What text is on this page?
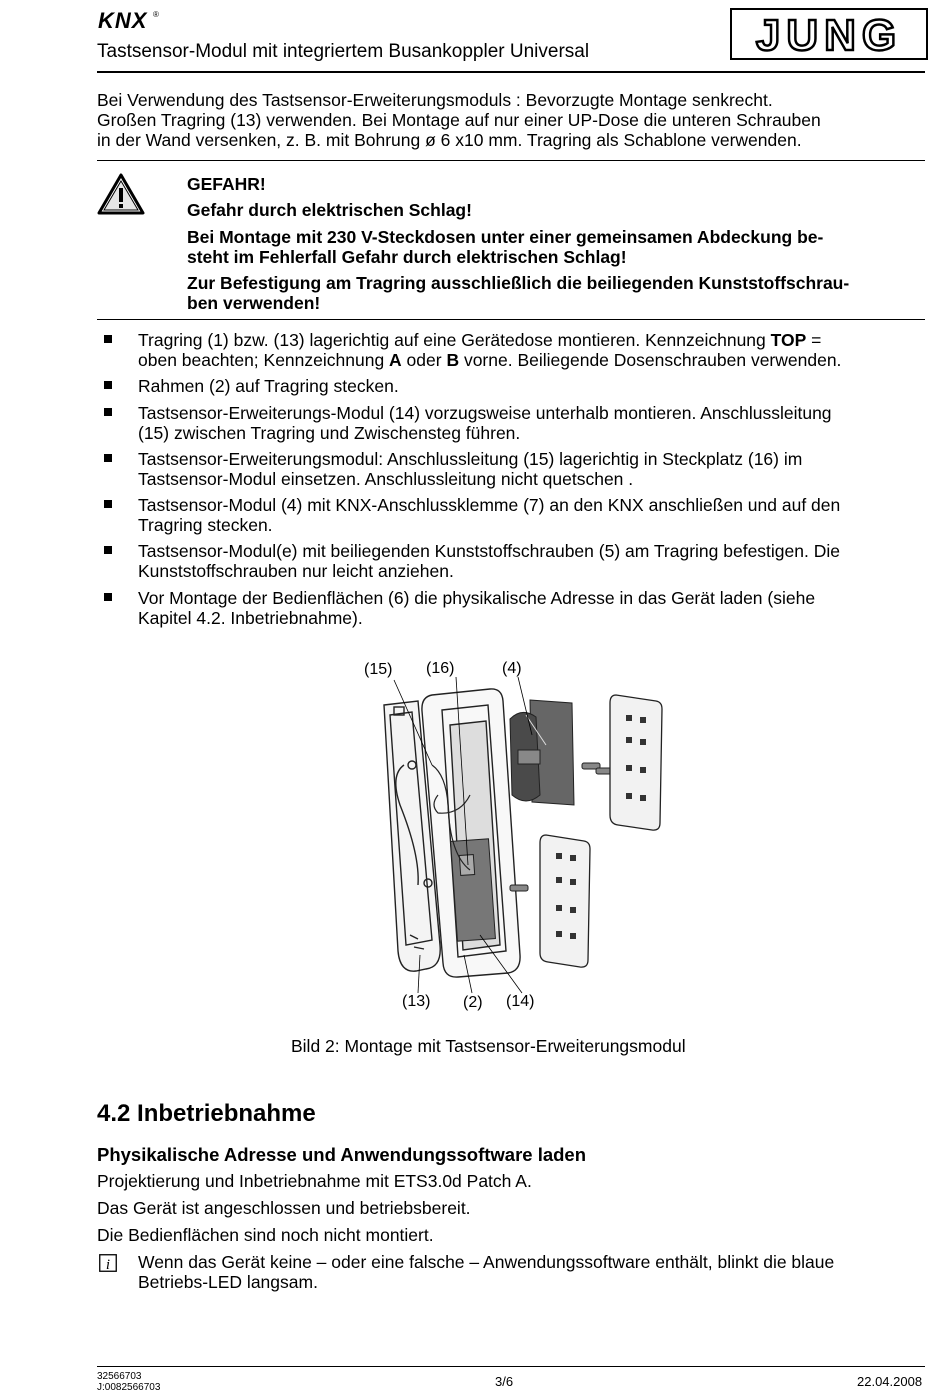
KNX ®
Tastsensor-Modul mit integriertem Busankoppler Universal	JUNG
Bei Verwendung des Tastsensor-Erweiterungsmoduls : Bevorzugte Montage senkrecht.
Großen Tragring (13) verwenden. Bei Montage auf nur einer UP-Dose die unteren Schrauben
in der Wand versenken, z. B. mit Bohrung ø 6 x10 mm. Tragring als Schablone verwenden.
GEFAHR!
Gefahr durch elektrischen Schlag!
Bei Montage mit 230 V-Steckdosen unter einer gemeinsamen Abdeckung be-
steht im Fehlerfall Gefahr durch elektrischen Schlag!
Zur Befestigung am Tragring ausschließlich die beiliegenden Kunststoffschrau-
ben verwenden!
Tragring (1) bzw. (13) lagerichtig auf eine Gerätedose montieren. Kennzeichnung TOP =
oben beachten; Kennzeichnung A oder B vorne. Beiliegende Dosenschrauben verwenden.
Rahmen (2) auf Tragring stecken.
Tastsensor-Erweiterungs-Modul (14) vorzugsweise unterhalb montieren. Anschlussleitung
(15) zwischen Tragring und Zwischensteg führen.
Tastsensor-Erweiterungsmodul: Anschlussleitung (15) lagerichtig in Steckplatz (16) im
Tastsensor-Modul einsetzen. Anschlussleitung nicht quetschen .
Tastsensor-Modul (4) mit KNX-Anschlussklemme (7) an den KNX anschließen und auf den
Tragring stecken.
Tastsensor-Modul(e) mit beiliegenden Kunststoffschrauben (5) am Tragring befestigen. Die
Kunststoffschrauben nur leicht anziehen.
Vor Montage der Bedienflächen (6) die physikalische Adresse in das Gerät laden (siehe
Kapitel 4.2. Inbetriebnahme).
(15) (16)	(4)
(13) (2) (14)
Bild 2: Montage mit Tastsensor-Erweiterungsmodul
4.2 Inbetriebnahme
Physikalische Adresse und Anwendungssoftware laden
Projektierung und Inbetriebnahme mit ETS3.0d Patch A.
Das Gerät ist angeschlossen und betriebsbereit.
Die Bedienflächen sind noch nicht montiert.
i Wenn das Gerät keine – oder eine falsche – Anwendungssoftware enthält, blinkt die blaue
Betriebs-LED langsam.
32566703
J:0082566703	3/6	22.04.2008
